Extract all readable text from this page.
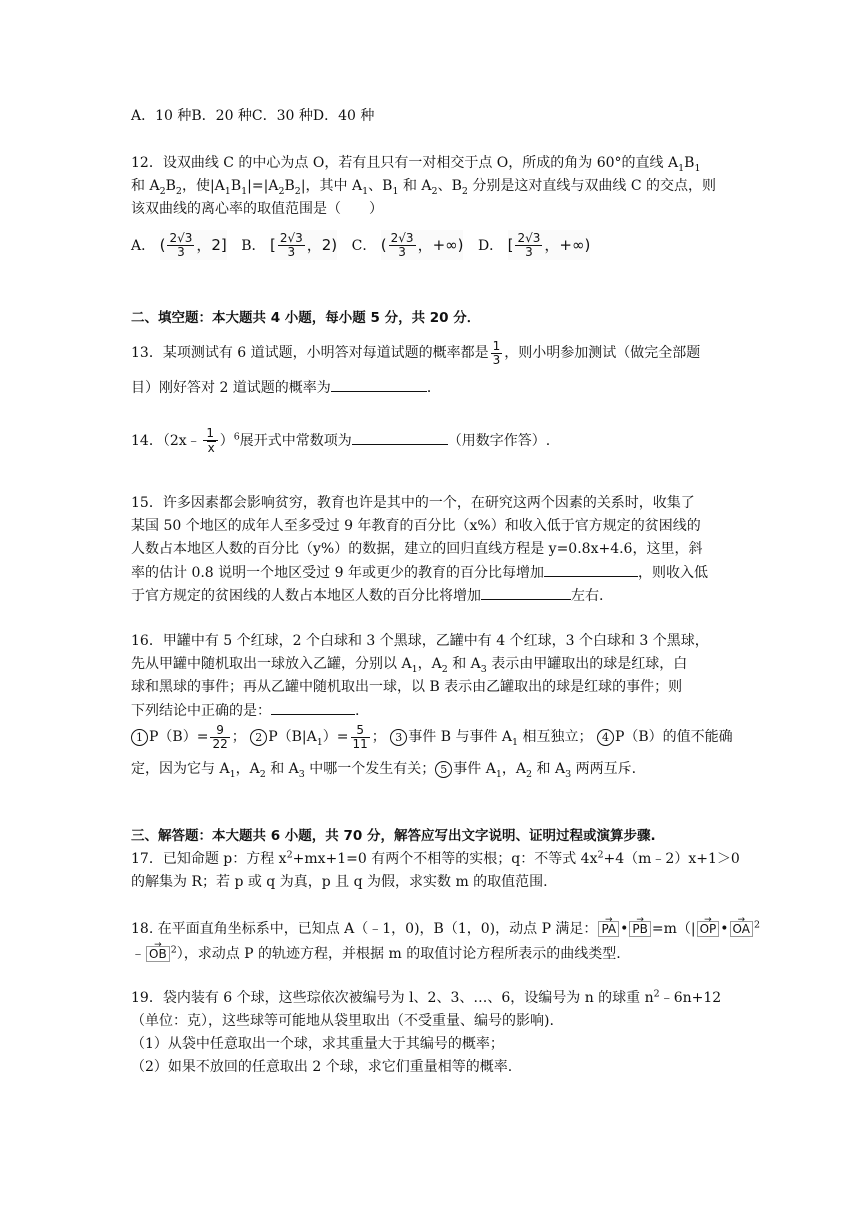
A．10 种B．20 种C．30 种D．40 种
12．设双曲线 C 的中心为点 O，若有且只有一对相交于点 O，所成的角为 60°的直线 $A_1B_1$
和 $A_2B_2$，使$|A_1B_1|=|A_2B_2|$，其中 $A_1$、$B_1$ 和 $A_2$、$B_2$ 分别是这对直线与双曲线 C 的交点，则
该双曲线的离心率的取值范围是（　　）
A． ( $\frac{2√3}{3}$ ，2] B． [ $\frac{2√3}{3}$ ，2) C． ( $\frac{2√3}{3}$ ，+∞) D． [ $\frac{2√3}{3}$ ，+∞)
二、填空题：本大题共 4 小题，每小题 5 分，共 20 分．
13．某项测试有 6 道试题，小明答对每道试题的概率都是 $\frac{1}{3}$ ，则小明参加测试（做完全部题
目）刚好答对 2 道试题的概率为	．
14．（2x﹣ $\frac{1}{x} )^6$展开式中常数项为	（用数字作答）.
15．许多因素都会影响贫穷，教育也许是其中的一个，在研究这两个因素的关系时，收集了
某国 50 个地区的成年人至多受过 9 年教育的百分比（x%）和收入低于官方规定的贫困线的
人数占本地区人数的百分比（y%）的数据，建立的回归直线方程是 y=0.8x+4.6，这里，斜
率的估计 0.8 说明一个地区受过 9 年或更少的教育的百分比每增加	，则收入低
于官方规定的贫困线的人数占本地区人数的百分比将增加	左右.
16．甲罐中有 5 个红球，2 个白球和 3 个黑球，乙罐中有 4 个红球，3 个白球和 3 个黑球，
先从甲罐中随机取出一球放入乙罐，分别以 $A_1$，$A_2$ 和 $A_3$ 表示由甲罐取出的球是红球，白
球和黑球的事件；再从乙罐中随机取出一球，以 B 表示由乙罐取出的球是红球的事件；则
下列结论中正确的是：	.
1 $P(B)= \frac{9}{22}$ ； 2 $P(B|A_1)= \frac{5}{11}$ ； 3 事件 B 与事件 $A_1$ 相互独立； 4 P（B）的值不能确
定，因为它与 $A_1$，$A_2$ 和 $A_3$ 中哪一个发生有关； 5 事件 $A_1$，$A_2$ 和 $A_3$ 两两互斥.
三、解答题：本大题共 6 小题，共 70 分，解答应写出文字说明、证明过程或演算步骤.
17．已知命题 p：方程 $x^2+mx+1=0$ 有两个不相等的实根；q：不等式 $4x^2+4(m﹣2)x+1>0$
的解集为 R；若 p 或 q 为真，p 且 q 为假，求实数 m 的取值范围.
18. 在平面直角坐标系中，已知点 A（﹣1，0)，B（1，0)，动点 P 满足： → PA • → PB =m（| → OP • → OA $^2$
﹣ → OB $^2$），求动点 P 的轨迹方程，并根据 m 的取值讨论方程所表示的曲线类型.
19．袋内装有 6 个球，这些琮依次被编号为 l、2、3、…、6，设编号为 n 的球重 $n^2﹣6n+12$
（单位：克），这些球等可能地从袋里取出（不受重量、编号的影响).
（1）从袋中任意取出一个球，求其重量大于其编号的概率；
（2）如果不放回的任意取出 2 个球，求它们重量相等的概率.
